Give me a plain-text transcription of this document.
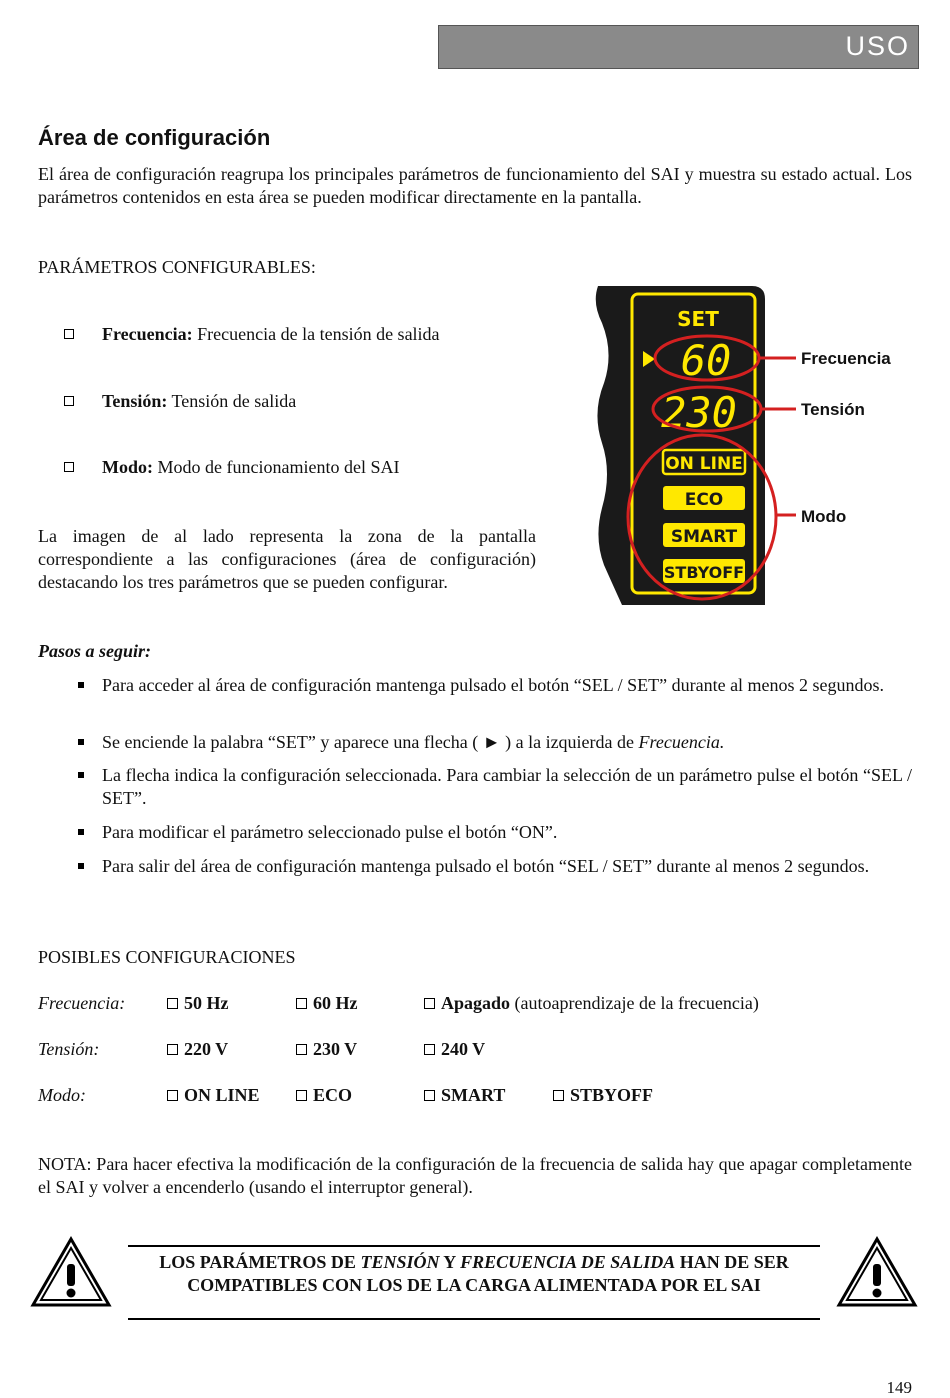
USO
Área de configuración
El área de configuración reagrupa los principales parámetros de funcionamiento del SAI y muestra su estado actual. Los parámetros contenidos en esta área se pueden modificar directamente en la pantalla.
PARÁMETROS CONFIGURABLES:
Frecuencia: Frecuencia de la tensión de salida
Tensión: Tensión de salida
Modo: Modo de funcionamiento del SAI
La imagen de al lado representa la zona de la pantalla correspondiente a las configuraciones (área de configuración) destacando los tres parámetros que se pueden configurar.
SET
60
230
ON LINE
ECO
SMART
STBYOFF
Frecuencia
Tensión
Modo
Pasos a seguir:
Para acceder al área de configuración mantenga pulsado el botón “SEL / SET” durante al menos 2 segundos.
Se enciende la palabra “SET” y aparece una flecha ( ► ) a la izquierda de Frecuencia.
La flecha indica la configuración seleccionada. Para cambiar la selección de un parámetro pulse el botón “SEL / SET”.
Para modificar el parámetro seleccionado pulse el botón “ON”.
Para salir del área de configuración mantenga pulsado el botón “SEL / SET” durante al menos 2 segundos.
POSIBLES CONFIGURACIONES
Frecuencia:	50 Hz	60 Hz	Apagado (autoaprendizaje de la frecuencia)
Tensión:	220 V	230 V	240 V
Modo:	ON LINE	ECO	SMART	STBYOFF
NOTA: Para hacer efectiva la modificación de la configuración de la frecuencia de salida hay que apagar completamente el SAI y volver a encenderlo (usando el interruptor general).
LOS PARÁMETROS DE TENSIÓN Y FRECUENCIA DE SALIDA HAN DE SER COMPATIBLES CON LOS DE LA CARGA ALIMENTADA POR EL SAI
149
